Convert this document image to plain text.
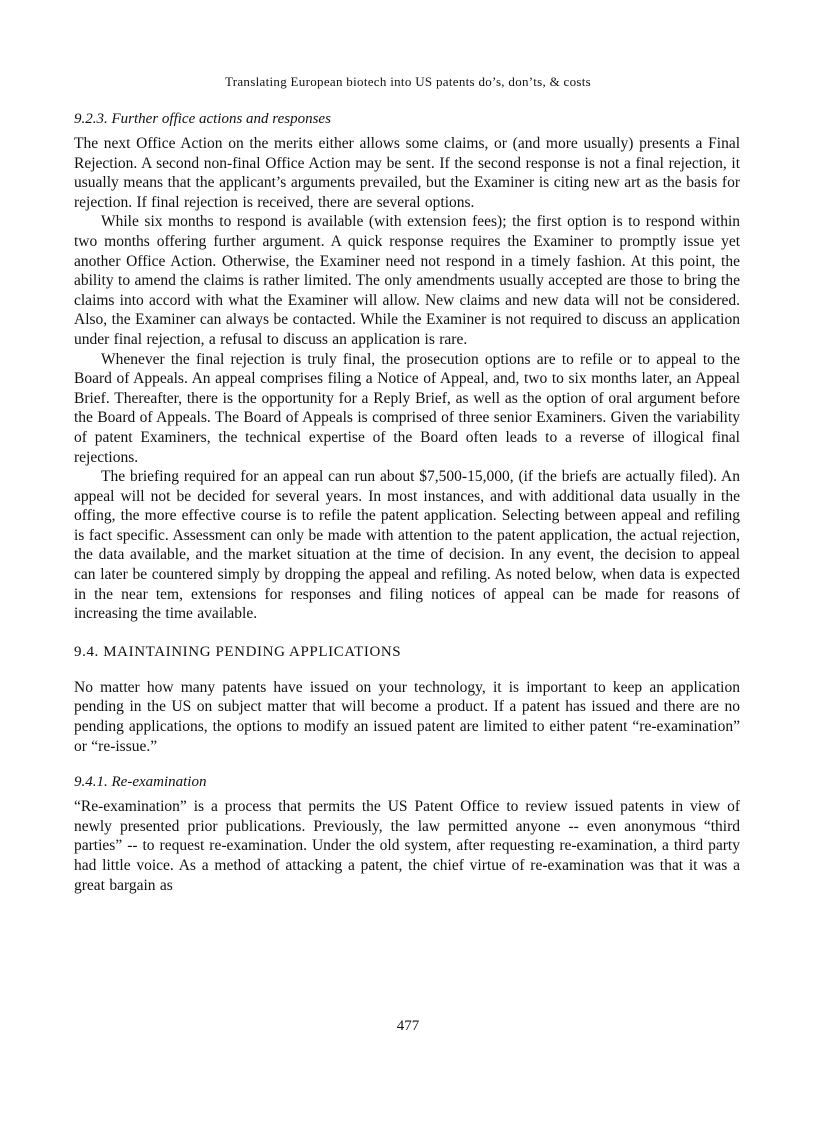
Translating European biotech into US patents do’s, don’ts, & costs
9.2.3. Further office actions and responses

The next Office Action on the merits either allows some claims, or (and more usually) presents a Final Rejection. A second non-final Office Action may be sent. If the second response is not a final rejection, it usually means that the applicant’s arguments prevailed, but the Examiner is citing new art as the basis for rejection. If final rejection is received, there are several options.

While six months to respond is available (with extension fees); the first option is to respond within two months offering further argument. A quick response requires the Examiner to promptly issue yet another Office Action. Otherwise, the Examiner need not respond in a timely fashion. At this point, the ability to amend the claims is rather limited. The only amendments usually accepted are those to bring the claims into accord with what the Examiner will allow. New claims and new data will not be considered. Also, the Examiner can always be contacted. While the Examiner is not required to discuss an application under final rejection, a refusal to discuss an application is rare.

Whenever the final rejection is truly final, the prosecution options are to refile or to appeal to the Board of Appeals. An appeal comprises filing a Notice of Appeal, and, two to six months later, an Appeal Brief. Thereafter, there is the opportunity for a Reply Brief, as well as the option of oral argument before the Board of Appeals. The Board of Appeals is comprised of three senior Examiners. Given the variability of patent Examiners, the technical expertise of the Board often leads to a reverse of illogical final rejections.

The briefing required for an appeal can run about $7,500-15,000, (if the briefs are actually filed). An appeal will not be decided for several years. In most instances, and with additional data usually in the offing, the more effective course is to refile the patent application. Selecting between appeal and refiling is fact specific. Assessment can only be made with attention to the patent application, the actual rejection, the data available, and the market situation at the time of decision. In any event, the decision to appeal can later be countered simply by dropping the appeal and refiling. As noted below, when data is expected in the near tem, extensions for responses and filing notices of appeal can be made for reasons of increasing the time available.

9.4. MAINTAINING PENDING APPLICATIONS

No matter how many patents have issued on your technology, it is important to keep an application pending in the US on subject matter that will become a product. If a patent has issued and there are no pending applications, the options to modify an issued patent are limited to either patent “re-examination” or “re-issue.”

9.4.1. Re-examination

“Re-examination” is a process that permits the US Patent Office to review issued patents in view of newly presented prior publications. Previously, the law permitted anyone -- even anonymous “third parties” -- to request re-examination. Under the old system, after requesting re-examination, a third party had little voice. As a method of attacking a patent, the chief virtue of re-examination was that it was a great bargain as

477
